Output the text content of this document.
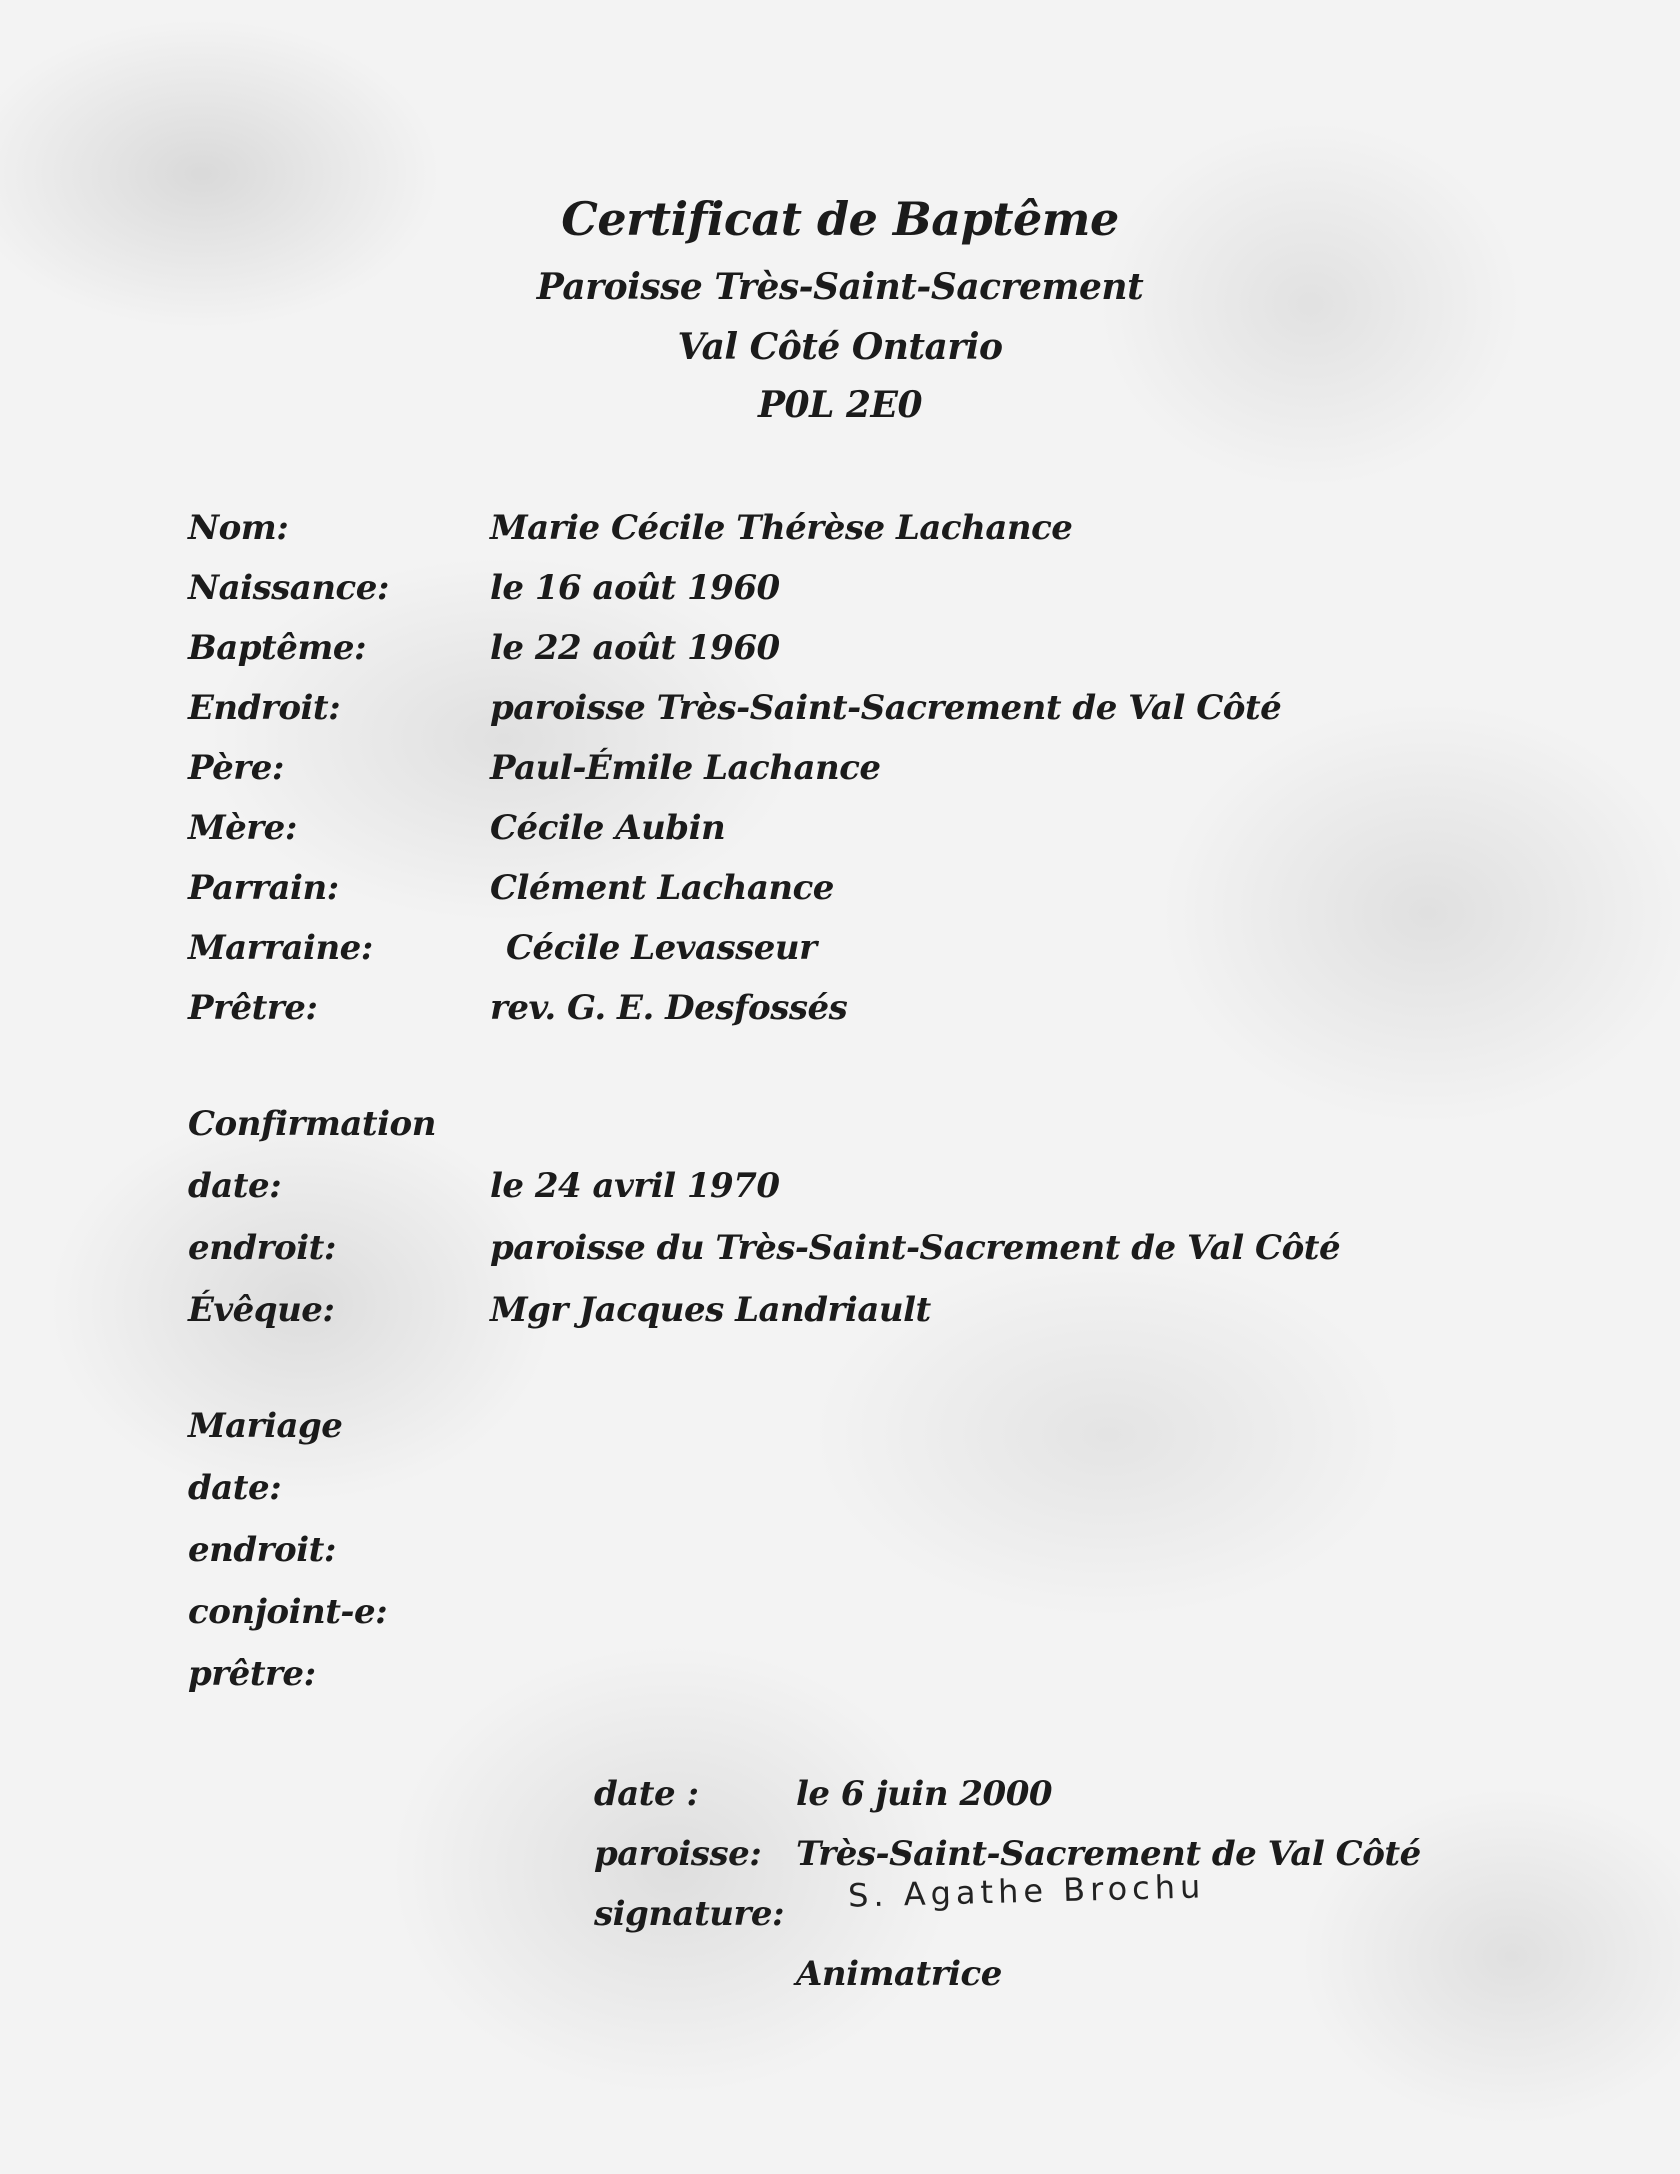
Certificat de Baptême
Paroisse Très-Saint-Sacrement
Val Côté Ontario
P0L 2E0
Nom:	Marie Cécile Thérèse Lachance
Naissance:	le 16 août 1960
Baptême:	le 22 août 1960
Endroit:	paroisse Très-Saint-Sacrement de Val Côté
Père:	Paul-Émile Lachance
Mère:	Cécile Aubin
Parrain:	Clément Lachance
Marraine:	Cécile Levasseur
Prêtre:	rev. G. E. Desfossés
Confirmation
date:	le 24 avril 1970
endroit:	paroisse du Très-Saint-Sacrement de Val Côté
Évêque:	Mgr Jacques Landriault
Mariage
date:
endroit:
conjoint-e:
prêtre:
date :	le 6 juin 2000
paroisse: Très-Saint-Sacrement de Val Côté
signature: S. Agathe Brochu
Animatrice
